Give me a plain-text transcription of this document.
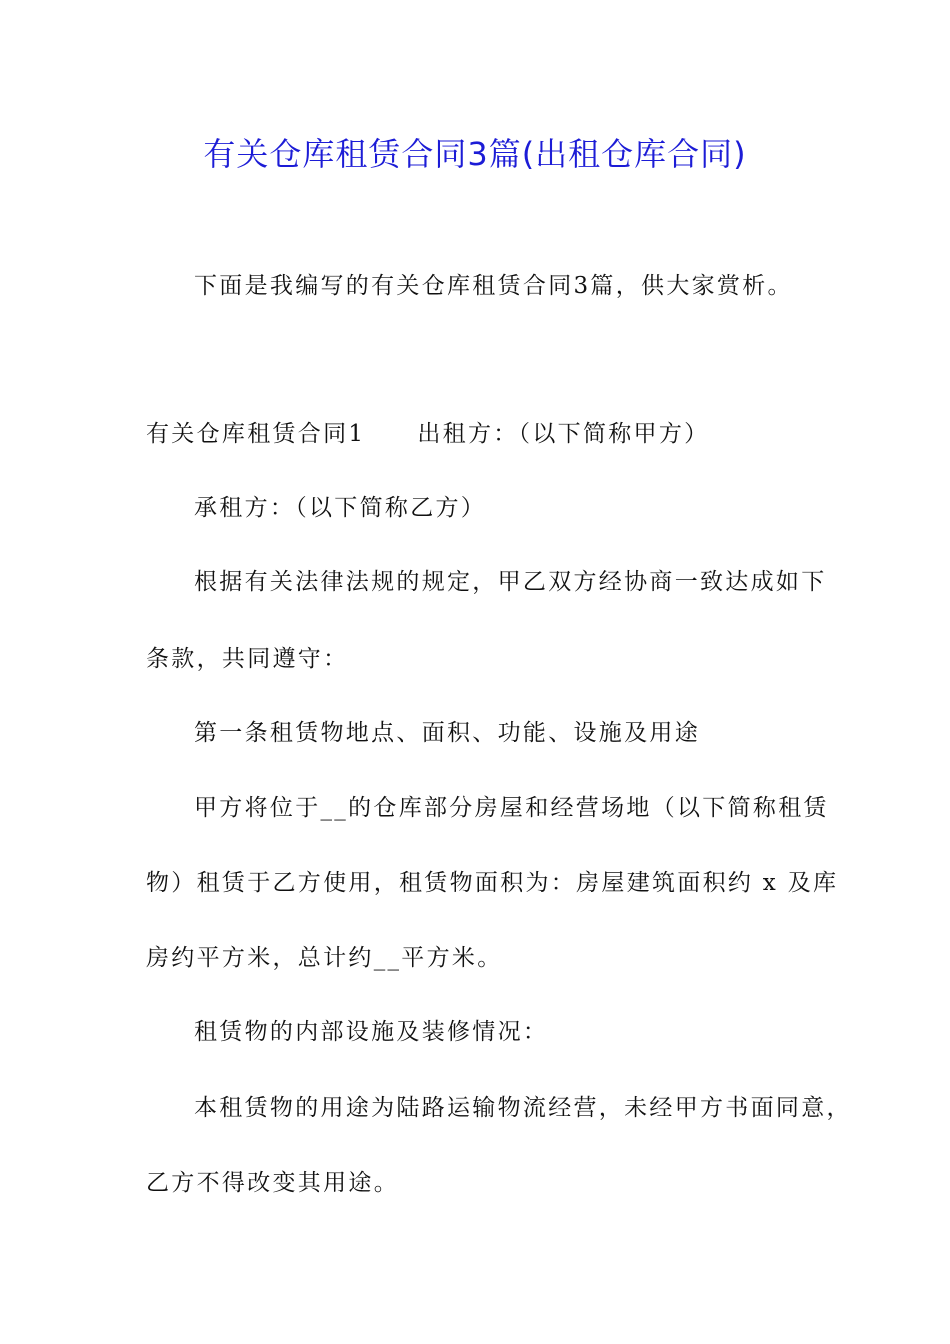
有关仓库租赁合同3篇(出租仓库合同)
下面是我编写的有关仓库租赁合同3篇，供大家赏析。
有关仓库租赁合同1 出租方：（以下简称甲方）
承租方：（以下简称乙方）
根据有关法律法规的规定，甲乙双方经协商一致达成如下
条款，共同遵守：
第一条租赁物地点、面积、功能、设施及用途
甲方将位于__的仓库部分房屋和经营场地（以下简称租赁
物）租赁于乙方使用，租赁物面积为：房屋建筑面积约 x 及库
房约平方米，总计约__平方米。
租赁物的内部设施及装修情况：
本租赁物的用途为陆路运输物流经营，未经甲方书面同意，
乙方不得改变其用途。
